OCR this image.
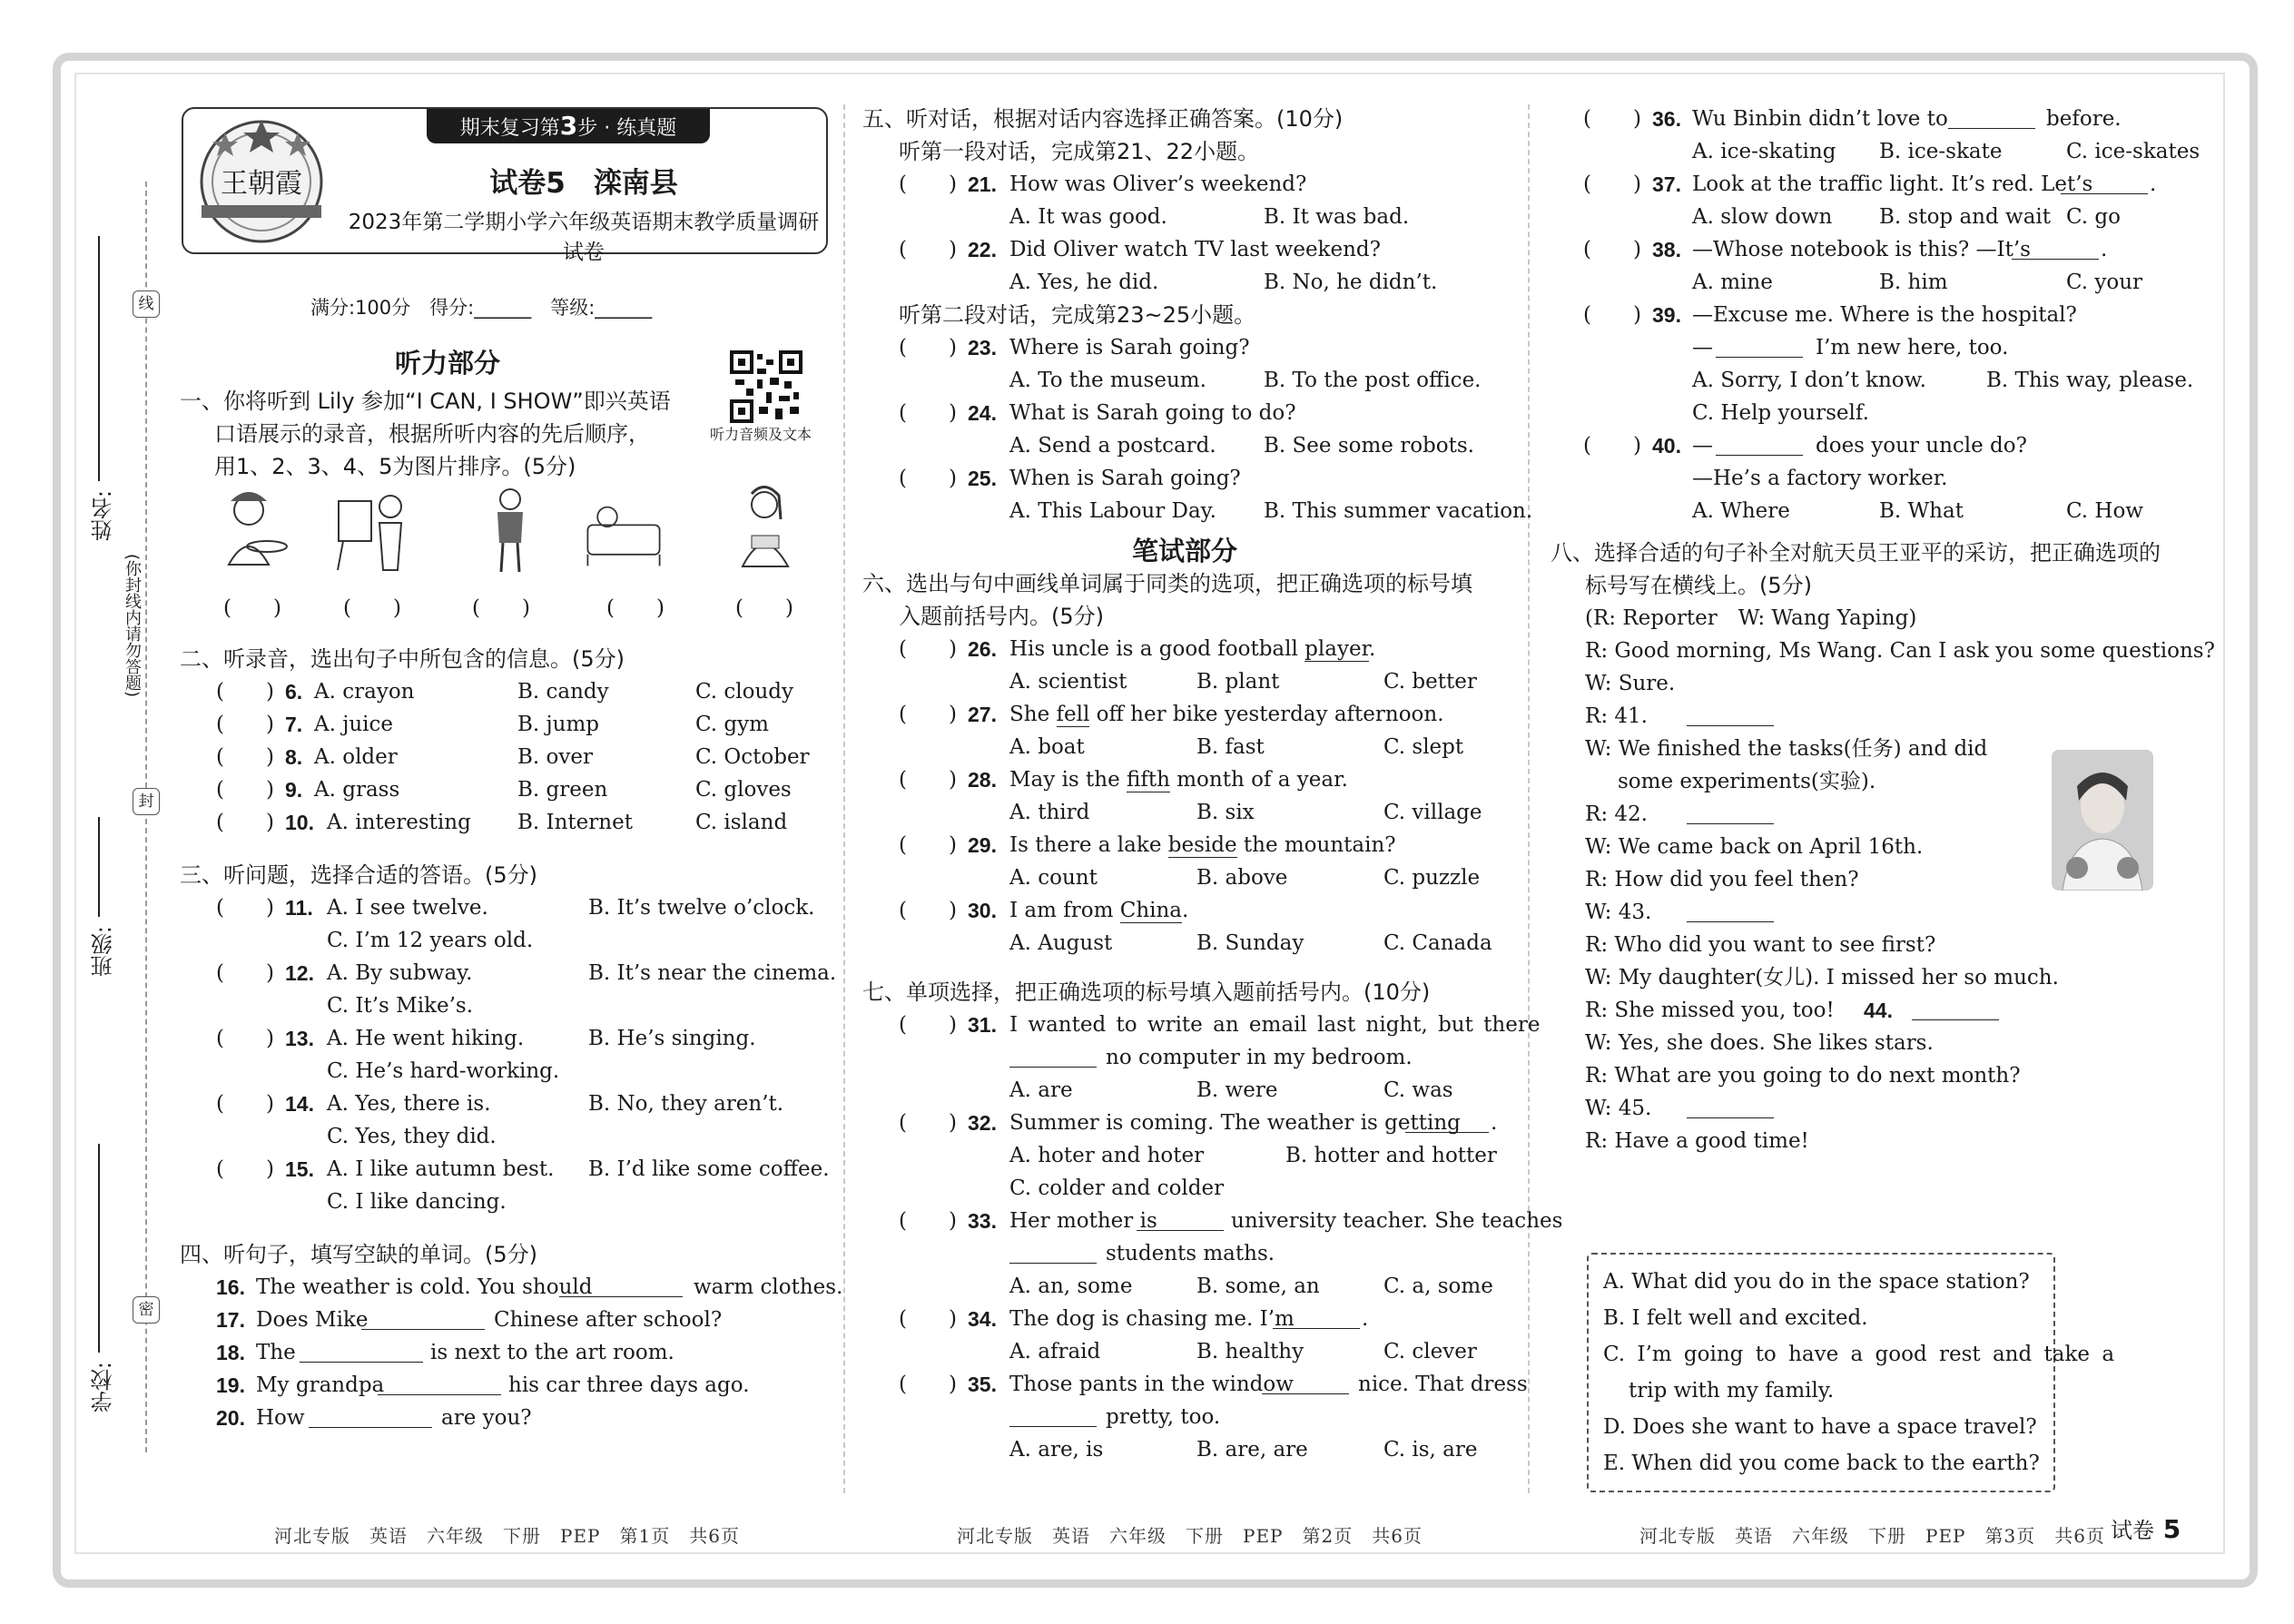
线
封
密
姓名:
(你封线内请勿答题)
班级:
学校:
期末复习第3步 · 练真题
王朝霞	试卷5　滦南县
2023年第二学期小学六年级英语期末教学质量调研试卷
满分:100分　得分:______　等级:______
听力部分
一、你将听到 Lily 参加“I CAN, I SHOW”即兴英语
口语展示的录音，根据所听内容的先后顺序，
用1、2、3、4、5为图片排序。(5分)
(　　)	(　　)	(　　)	(　　)	(　　)
二、听录音，选出句子中所包含的信息。(5分)
(　　) 6. A. crayon	B. candy	C. cloudy
(　　) 7. A. juice	B. jump	C. gym
(　　) 8. A. older	B. over	C. October
(　　) 9. A. grass	B. green	C. gloves
(　　) 10. A. interesting B. Internet	C. island
三、听问题，选择合适的答语。(5分)
(　　) 11. A. I see twelve.	B. It’s twelve o’clock.
C. I’m 12 years old.
(　　) 12. A. By subway.	B. It’s near the cinema.
C. It’s Mike’s.
(　　) 13. A. He went hiking.	B. He’s singing.
C. He’s hard-working.
(　　) 14. A. Yes, there is.	B. No, they aren’t.
C. Yes, they did.
(　　) 15. A. I like autumn best. B. I’d like some coffee.
C. I like dancing.
四、听句子，填写空缺的单词。(5分)
16. The weather is cold. You should	warm clothes.
17. Does Mike	Chinese after school?
18. The	is next to the art room.
19. My grandpa	his car three days ago.
20. How	are you?
听力音频及文本
五、听对话，根据对话内容选择正确答案。(10分)
听第一段对话，完成第21、22小题。
(　　) 21. How was Oliver’s weekend?
A. It was good.	B. It was bad.
(　　) 22. Did Oliver watch TV last weekend?
A. Yes, he did.	B. No, he didn’t.
听第二段对话，完成第23~25小题。
(　　) 23. Where is Sarah going?
A. To the museum.	B. To the post office.
(　　) 24. What is Sarah going to do?
A. Send a postcard. B. See some robots.
(　　) 25. When is Sarah going?
A. This Labour Day. B. This summer vacation.
笔试部分
六、选出与句中画线单词属于同类的选项，把正确选项的标号填
入题前括号内。(5分)
(　　) 26. His uncle is a good football player.
A. scientist	B. plant	C. better
(　　) 27. She fell off her bike yesterday afternoon.
A. boat	B. fast	C. slept
(　　) 28. May is the fifth month of a year.
A. third	B. six	C. village
(　　) 29. Is there a lake beside the mountain?
A. count	B. above	C. puzzle
(　　) 30. I am from China.
A. August	B. Sunday	C. Canada
七、单项选择，把正确选项的标号填入题前括号内。(10分)
(　　) 31. I wanted to write an email last night, but there
no computer in my bedroom.
A. are	B. were	C. was
(　　) 32. Summer is coming. The weather is getting .
A. hoter and hoter	B. hotter and hotter
C. colder and colder
(　　) 33. Her mother is	university teacher. She teaches
students maths.
A. an, some	B. some, an	C. a, some
(　　) 34. The dog is chasing me. I’m	.
A. afraid	B. healthy	C. clever
(　　) 35. Those pants in the window	nice. That dress
pretty, too.
A. are, is	B. are, are	C. is, are
(　　) 36. Wu Binbin didn’t love to	before.
A. ice-skating B. ice-skate	C. ice-skates
(　　) 37. Look at the traffic light. It’s red. Let’s	.
A. slow down B. stop and wait C. go
(　　) 38. —Whose notebook is this? —It’s	.
A. mine	B. him	C. your
(　　) 39. —Excuse me. Where is the hospital?
—	I’m new here, too.
A. Sorry, I don’t know.	B. This way, please.
C. Help yourself.
(　　) 40. —	does your uncle do?
—He’s a factory worker.
A. Where	B. What	C. How
八、选择合适的句子补全对航天员王亚平的采访，把正确选项的
标号写在横线上。(5分)
(R: Reporter　W: Wang Yaping)
R: Good morning, Ms Wang. Can I ask you some questions?
W: Sure.
R: 41.
W: We finished the tasks(任务) and did
some experiments(实验).
R: 42.
W: We came back on April 16th.
R: How did you feel then?
W: 43.
R: Who did you want to see first?
W: My daughter(女儿). I missed her so much.
R: She missed you, too! 44.
W: Yes, she does. She likes stars.
R: What are you going to do next month?
W: 45.
R: Have a good time!
A. What did you do in the space station?
B. I felt well and excited.
C. I’m going to have a good rest and take a
trip with my family.
D. Does she want to have a space travel?
E. When did you come back to the earth?
河北专版　英语　六年级　下册　PEP　第1页　共6页	河北专版　英语　六年级　下册　PEP　第2页　共6页	河北专版　英语　六年级　下册　PEP　第3页　共6页 试卷 5
